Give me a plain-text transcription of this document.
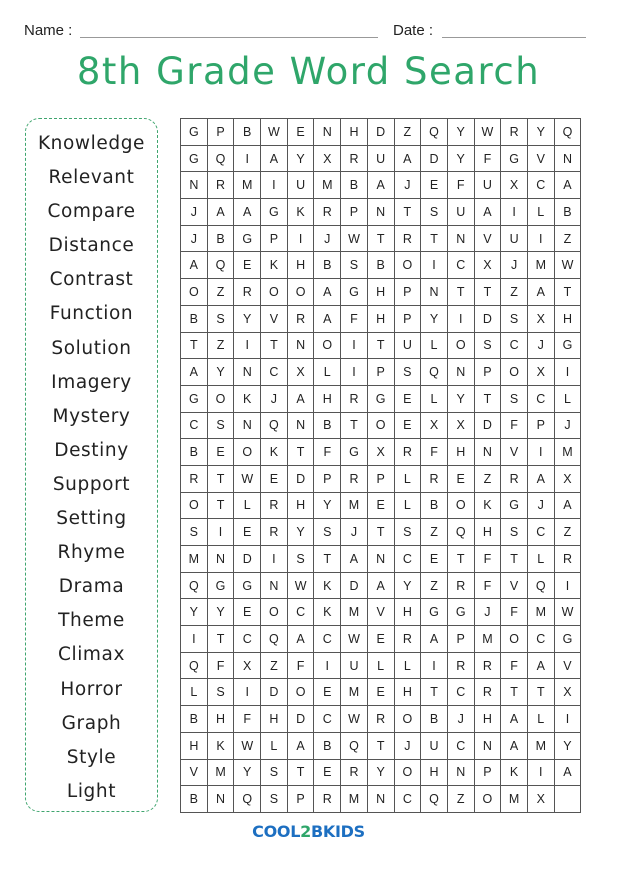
Name :	Date :
8th Grade Word Search
Knowledge
Relevant
Compare
Distance
Contrast
Function
Solution
Imagery
Mystery
Destiny
Support
Setting
Rhyme
Drama
Theme
Climax
Horror
Graph
Style
Light
G	P	B	W	E	N	H	D	Z	Q	Y	W	R	Y	Q
G	Q	I	A	Y	X	R	U	A	D	Y	F	G	V	N
N	R	M	I	U	M	B	A	J	E	F	U	X	C	A
J	A	A	G	K	R	P	N	T	S	U	A	I	L	B
J	B	G	P	I	J	W	T	R	T	N	V	U	I	Z
A	Q	E	K	H	B	S	B	O	I	C	X	J	M	W
O	Z	R	O	O	A	G	H	P	N	T	T	Z	A	T
B	S	Y	V	R	A	F	H	P	Y	I	D	S	X	H
T	Z	I	T	N	O	I	T	U	L	O	S	C	J	G
A	Y	N	C	X	L	I	P	S	Q	N	P	O	X	I
G	O	K	J	A	H	R	G	E	L	Y	T	S	C	L
C	S	N	Q	N	B	T	O	E	X	X	D	F	P	J
B	E	O	K	T	F	G	X	R	F	H	N	V	I	M
R	T	W	E	D	P	R	P	L	R	E	Z	R	A	X
O	T	L	R	H	Y	M	E	L	B	O	K	G	J	A
S	I	E	R	Y	S	J	T	S	Z	Q	H	S	C	Z
M	N	D	I	S	T	A	N	C	E	T	F	T	L	R
Q	G	G	N	W	K	D	A	Y	Z	R	F	V	Q	I
Y	Y	E	O	C	K	M	V	H	G	G	J	F	M	W
I	T	C	Q	A	C	W	E	R	A	P	M	O	C	G
Q	F	X	Z	F	I	U	L	L	I	R	R	F	A	V
L	S	I	D	O	E	M	E	H	T	C	R	T	T	X
B	H	F	H	D	C	W	R	O	B	J	H	A	L	I
H	K	W	L	A	B	Q	T	J	U	C	N	A	M	Y
V	M	Y	S	T	E	R	Y	O	H	N	P	K	I	A
B	N	Q	S	P	R	M	N	C	Q	Z	O	M	X	
COOL2BKIDS
